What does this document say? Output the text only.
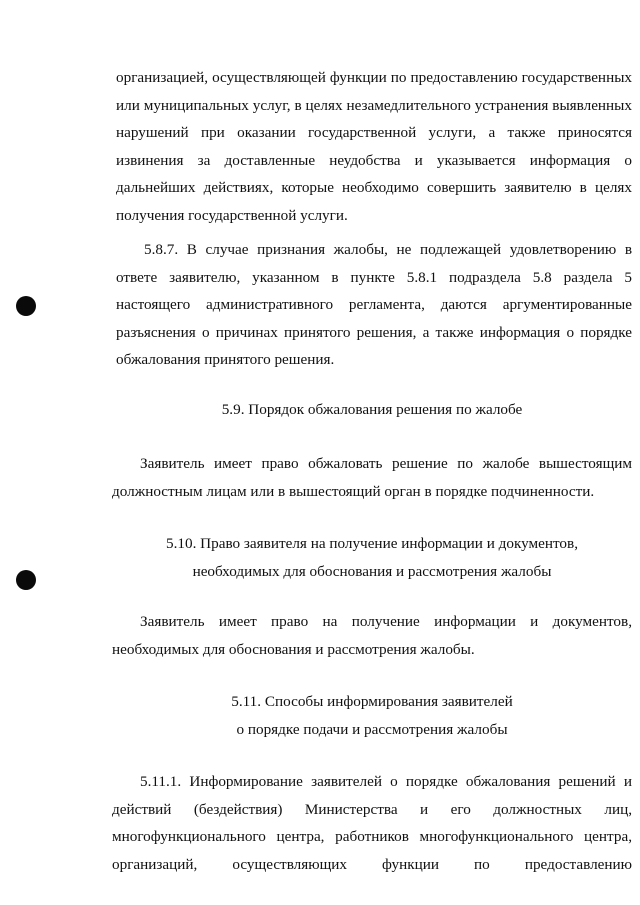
организацией, осуществляющей функции по предоставлению государственных или муниципальных услуг, в целях незамедлительного устранения выявленных нарушений при оказании государственной услуги, а также приносятся извинения за доставленные неудобства и указывается информация о дальнейших действиях, которые необходимо совершить заявителю в целях получения государственной услуги.

5.8.7. В случае признания жалобы, не подлежащей удовлетворению в ответе заявителю, указанном в пункте 5.8.1 подраздела 5.8 раздела 5 настоящего административного регламента, даются аргументированные разъяснения о причинах принятого решения, а также информация о порядке обжалования принятого решения.

5.9. Порядок обжалования решения по жалобе

Заявитель имеет право обжаловать решение по жалобе вышестоящим должностным лицам или в вышестоящий орган в порядке подчиненности.

5.10. Право заявителя на получение информации и документов,
необходимых для обоснования и рассмотрения жалобы

Заявитель имеет право на получение информации и документов, необходимых для обоснования и рассмотрения жалобы.

5.11. Способы информирования заявителей
о порядке подачи и рассмотрения жалобы

5.11.1. Информирование заявителей о порядке обжалования решений и действий (бездействия) Министерства и его должностных лиц, многофункционального центра, работников многофункционального центра, организаций, осуществляющих функции по предоставлению
